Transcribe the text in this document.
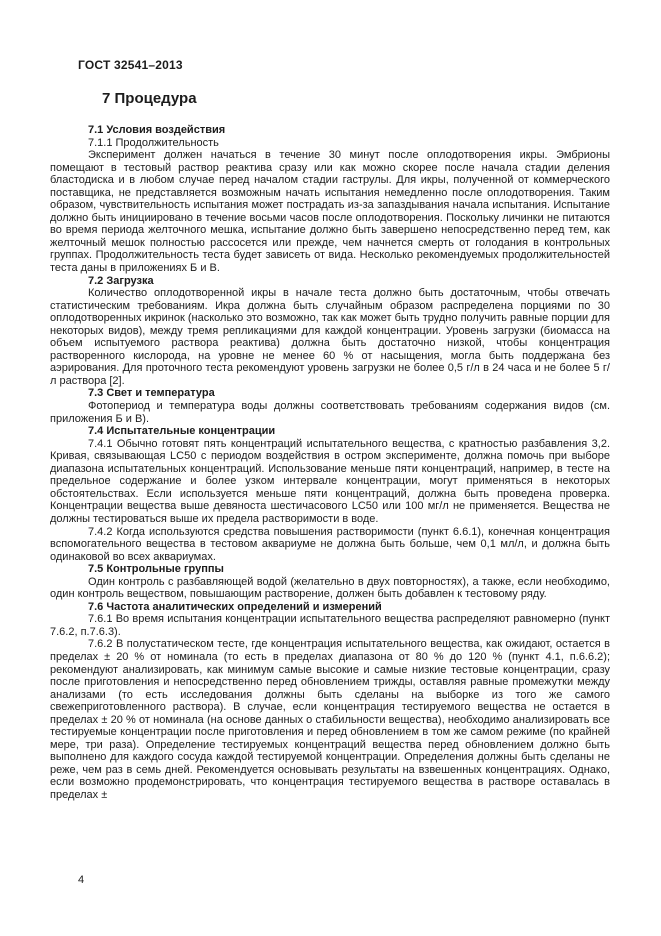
ГОСТ 32541–2013
7 Процедура

7.1 Условия воздействия

7.1.1 Продолжительность

Эксперимент должен начаться в течение 30 минут после оплодотворения икры. Эмбрионы помещают в тестовый раствор реактива сразу или как можно скорее после начала стадии деления бластодиска и в любом случае перед началом стадии гаструлы. Для икры, полученной от коммерческого поставщика, не представляется возможным начать испытания немедленно после оплодотворения. Таким образом, чувствительность испытания может пострадать из-за запаздывания начала испытания. Испытание должно быть инициировано в течение восьми часов после оплодотворения. Поскольку личинки не питаются во время периода желточного мешка, испытание должно быть завершено непосредственно перед тем, как желточный мешок полностью рассосется или прежде, чем начнется смерть от голодания в контрольных группах. Продолжительность теста будет зависеть от вида. Несколько рекомендуемых продолжительностей теста даны в приложениях Б и В.

7.2 Загрузка

Количество оплодотворенной икры в начале теста должно быть достаточным, чтобы отвечать статистическим требованиям. Икра должна быть случайным образом распределена порциями по 30 оплодотворенных икринок (насколько это возможно, так как может быть трудно получить равные порции для некоторых видов), между тремя репликациями для каждой концентрации. Уровень загрузки (биомасса на объем испытуемого раствора реактива) должна быть достаточно низкой, чтобы концентрация растворенного кислорода, на уровне не менее 60 % от насыщения, могла быть поддержана без аэрирования. Для проточного теста рекомендуют уровень загрузки не более 0,5 г/л в 24 часа и не более 5 г/л раствора [2].

7.3 Свет и температура

Фотопериод и температура воды должны соответствовать требованиям содержания видов (см. приложения Б и В).

7.4 Испытательные концентрации

7.4.1 Обычно готовят пять концентраций испытательного вещества, с кратностью разбавления 3,2. Кривая, связывающая LC50 с периодом воздействия в остром эксперименте, должна помочь при выборе диапазона испытательных концентраций. Использование меньше пяти концентраций, например, в тесте на предельное содержание и более узком интервале концентрации, могут применяться в некоторых обстоятельствах. Если используется меньше пяти концентраций, должна быть проведена проверка. Концентрации вещества выше девяноста шестичасового LC50 или 100 мг/л не применяется. Вещества не должны тестироваться выше их предела растворимости в воде.

7.4.2 Когда используются средства повышения растворимости (пункт 6.6.1), конечная концентрация вспомогательного вещества в тестовом аквариуме не должна быть больше, чем 0,1 мл/л, и должна быть одинаковой во всех аквариумах.

7.5 Контрольные группы

Один контроль с разбавляющей водой (желательно в двух повторностях), а также, если необходимо, один контроль веществом, повышающим растворение, должен быть добавлен к тестовому ряду.

7.6 Частота аналитических определений и измерений

7.6.1 Во время испытания концентрации испытательного вещества распределяют равномерно (пункт 7.6.2, п.7.6.3).

7.6.2 В полустатическом тесте, где концентрация испытательного вещества, как ожидают, остается в пределах ± 20 % от номинала (то есть в пределах диапазона от 80 % до 120 % (пункт 4.1, п.6.6.2); рекомендуют анализировать, как минимум самые высокие и самые низкие тестовые концентрации, сразу после приготовления и непосредственно перед обновлением трижды, оставляя равные промежутки между анализами (то есть исследования должны быть сделаны на выборке из того же самого свежеприготовленного раствора). В случае, если концентрация тестируемого вещества не остается в пределах ± 20 % от номинала (на основе данных о стабильности вещества), необходимо анализировать все тестируемые концентрации после приготовления и перед обновлением в том же самом режиме (по крайней мере, три раза). Определение тестируемых концентраций вещества перед обновлением должно быть выполнено для каждого сосуда каждой тестируемой концентрации. Определения должны быть сделаны не реже, чем раз в семь дней. Рекомендуется основывать результаты на взвешенных концентрациях. Однако, если возможно продемонстрировать, что концентрация тестируемого вещества в растворе оставалась в пределах ±

4
